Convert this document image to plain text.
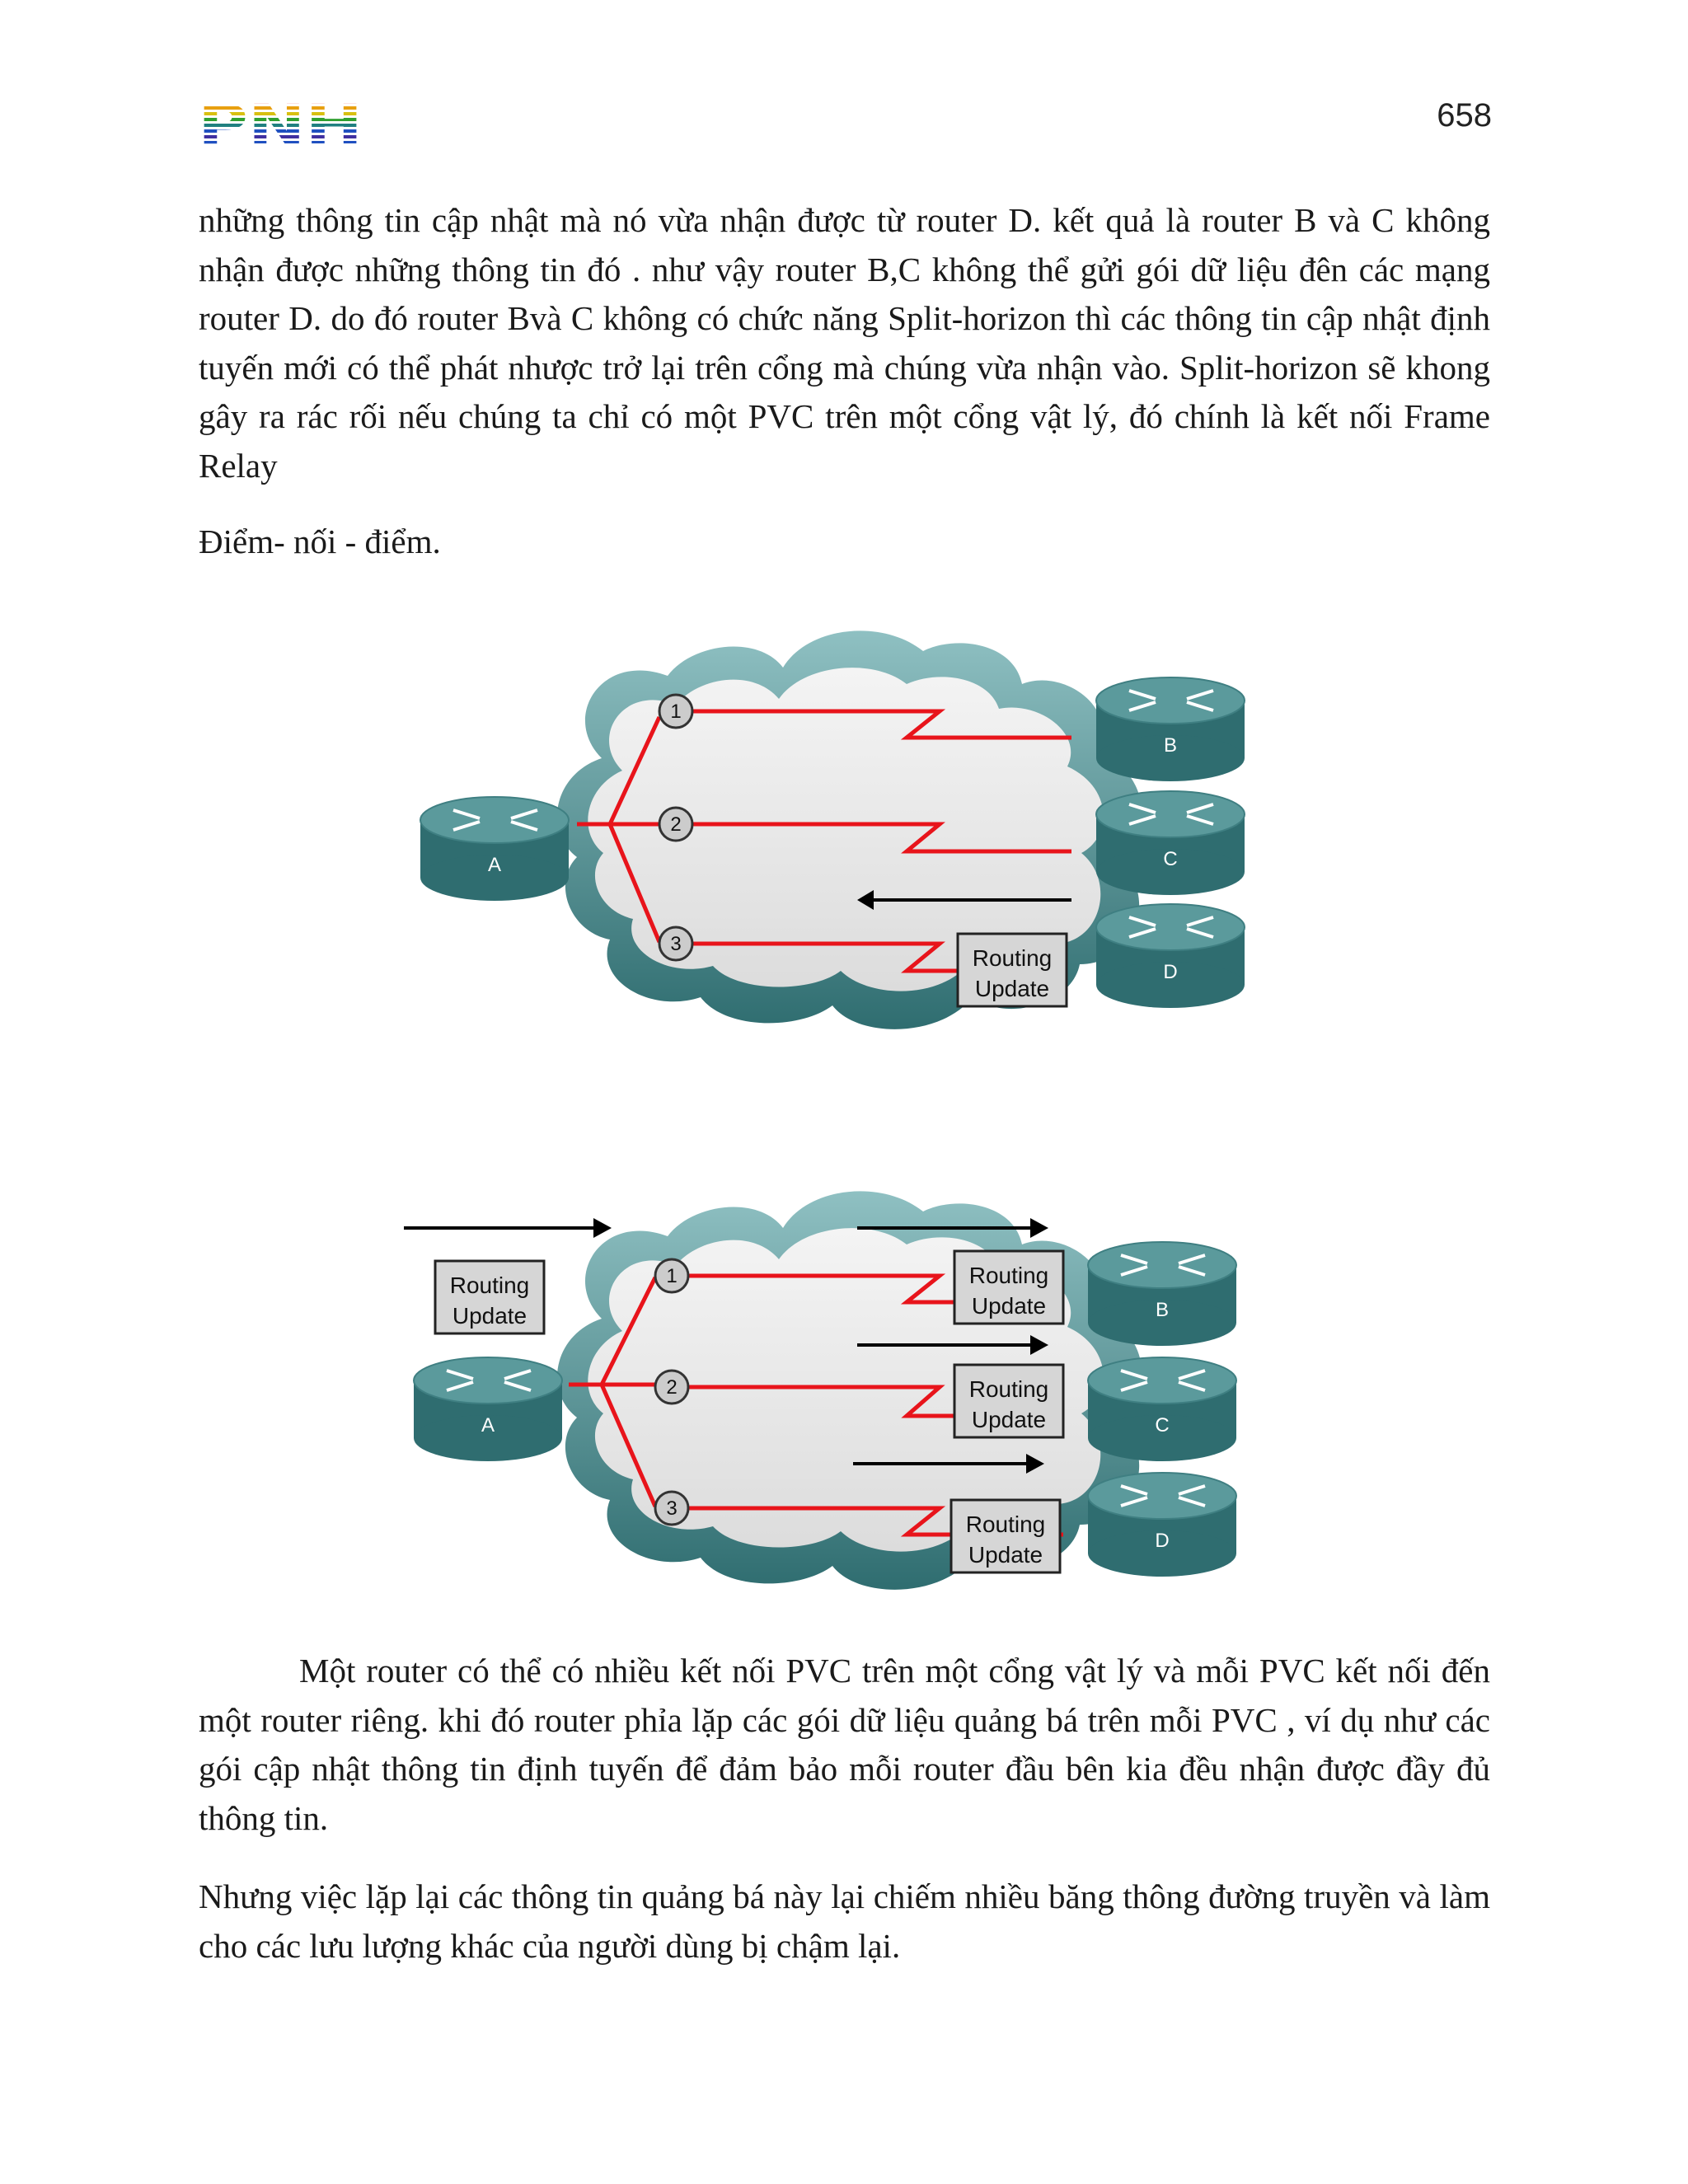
658

những thông tin cập nhật mà nó vừa nhận được từ router D. kết quả là router B và C không nhận được những thông tin đó . như vậy router B,C không thể gửi gói dữ liệu đên các mạng router D. do đó router Bvà C không có chức năng Split-horizon thì các thông tin cập nhật định tuyến mới có thể phát nhược trở lại trên cổng mà chúng vừa nhận vào. Split-horizon sẽ khong gây ra rác rối nếu chúng ta chỉ có một PVC trên một cổng vật lý, đó chính là kết nối Frame Relay

Điểm- nối - điểm.

1
2
3
A
B
C
D
Routing
Update
1
2
3
A
B
C
D
Routing
Update
Routing
Update
Routing
Update
Routing
Update

Một router có thể có nhiều kết nối PVC trên một cổng vật lý và mỗi PVC kết nối đến một router riêng. khi đó router phỉa lặp các gói dữ liệu quảng bá trên mỗi PVC , ví dụ như các gói cập nhật thông tin định tuyến để đảm bảo mỗi router đầu bên kia đều nhận được đầy đủ thông tin.

Nhưng việc lặp lại các thông tin quảng bá này lại chiếm nhiều băng thông đường truyền và làm cho các lưu lượng khác của người dùng bị chậm lại.
